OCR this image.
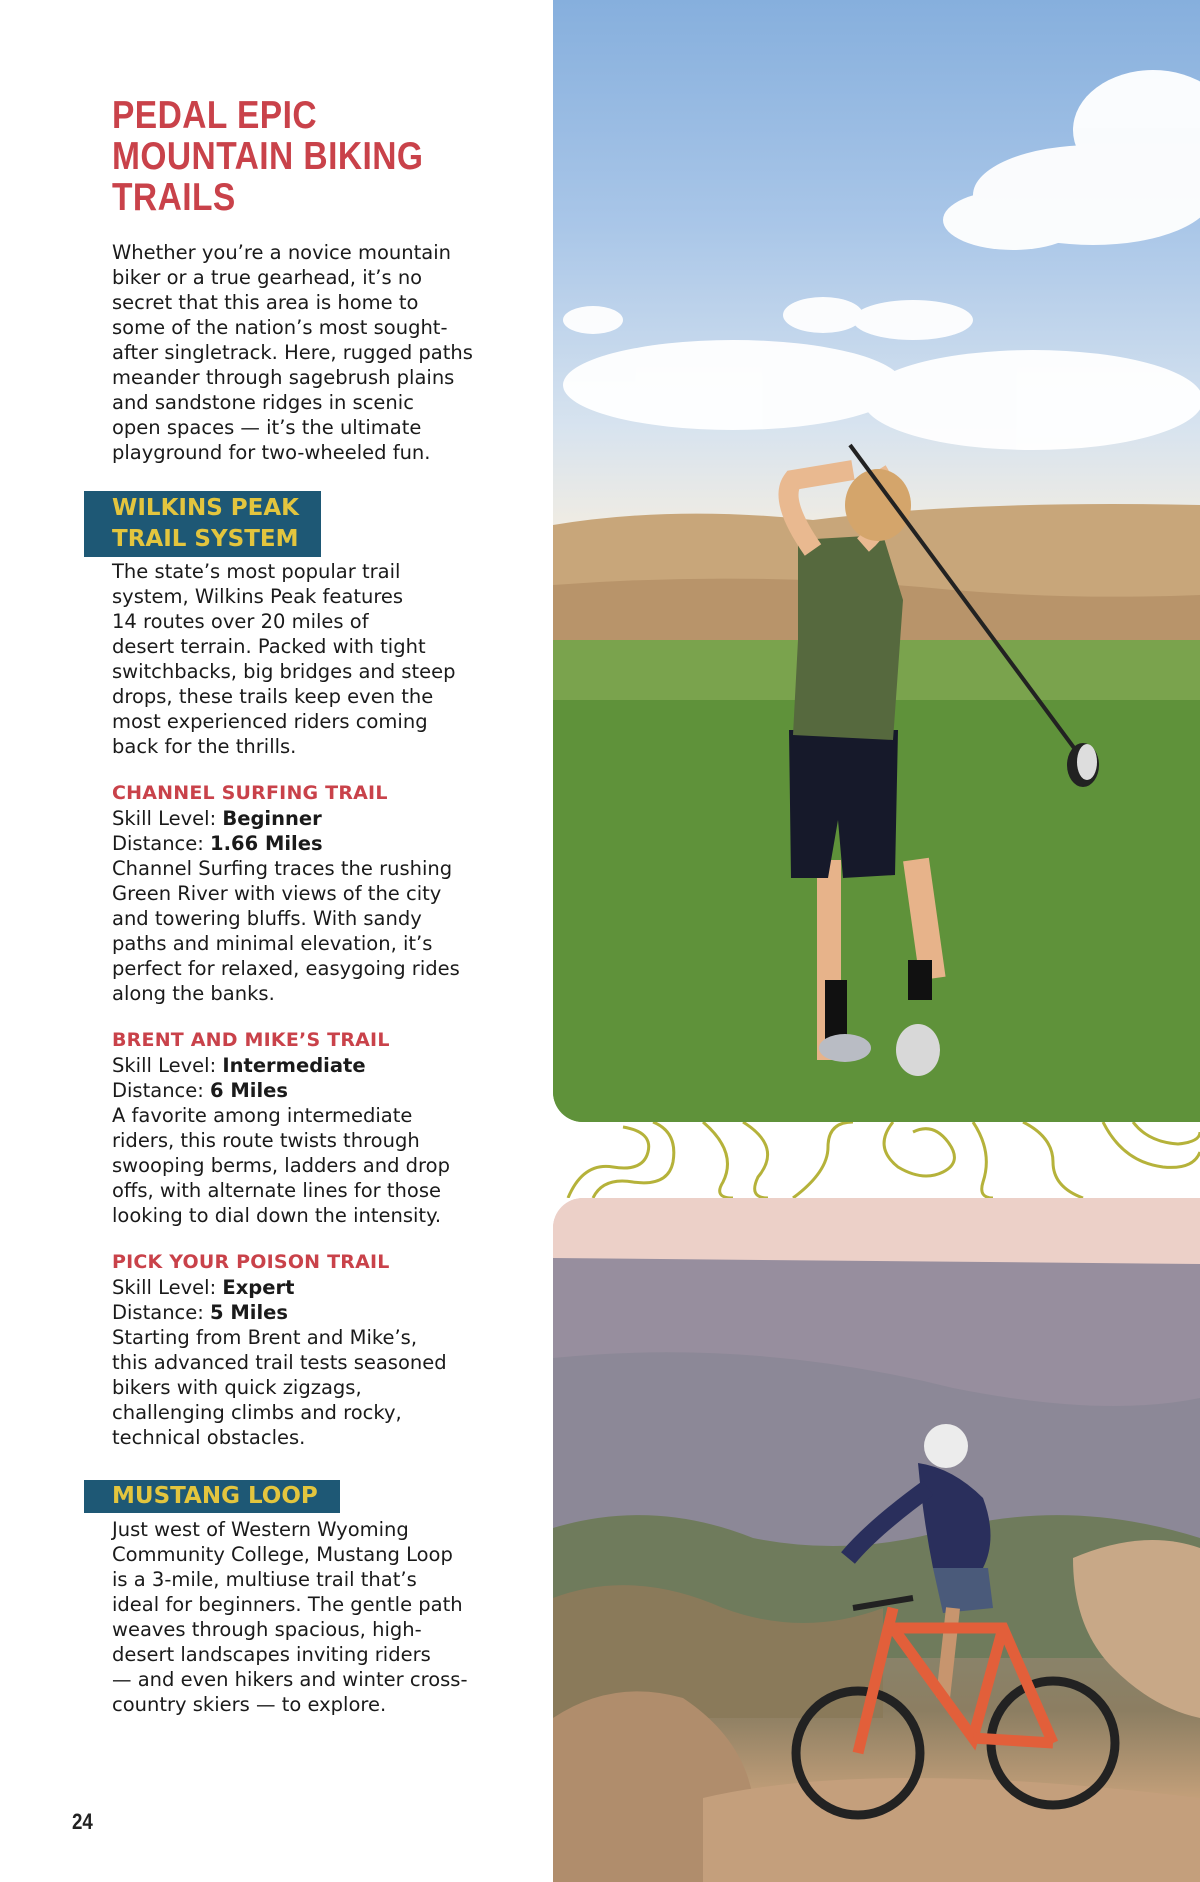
PEDAL EPIC
MOUNTAIN BIKING
TRAILS

Whether you’re a novice mountain
biker or a true gearhead, it’s no
secret that this area is home to
some of the nation’s most sought-
after singletrack. Here, rugged paths
meander through sagebrush plains
and sandstone ridges in scenic
open spaces — it’s the ultimate
playground for two-wheeled fun.

WILKINS PEAK
TRAIL SYSTEM

The state’s most popular trail
system, Wilkins Peak features
14 routes over 20 miles of
desert terrain. Packed with tight
switchbacks, big bridges and steep
drops, these trails keep even the
most experienced riders coming
back for the thrills.

CHANNEL SURFING TRAIL
Skill Level: Beginner
Distance: 1.66 Miles

Channel Surfing traces the rushing
Green River with views of the city
and towering bluffs. With sandy
paths and minimal elevation, it’s
perfect for relaxed, easygoing rides
along the banks.

BRENT AND MIKE’S TRAIL
Skill Level: Intermediate
Distance: 6 Miles

A favorite among intermediate
riders, this route twists through
swooping berms, ladders and drop
offs, with alternate lines for those
looking to dial down the intensity.

PICK YOUR POISON TRAIL
Skill Level: Expert
Distance: 5 Miles

Starting from Brent and Mike’s,
this advanced trail tests seasoned
bikers with quick zigzags,
challenging climbs and rocky,
technical obstacles.

MUSTANG LOOP

Just west of Western Wyoming
Community College, Mustang Loop
is a 3-mile, multiuse trail that’s
ideal for beginners. The gentle path
weaves through spacious, high-
desert landscapes inviting riders
— and even hikers and winter cross-
country skiers — to explore.

24
